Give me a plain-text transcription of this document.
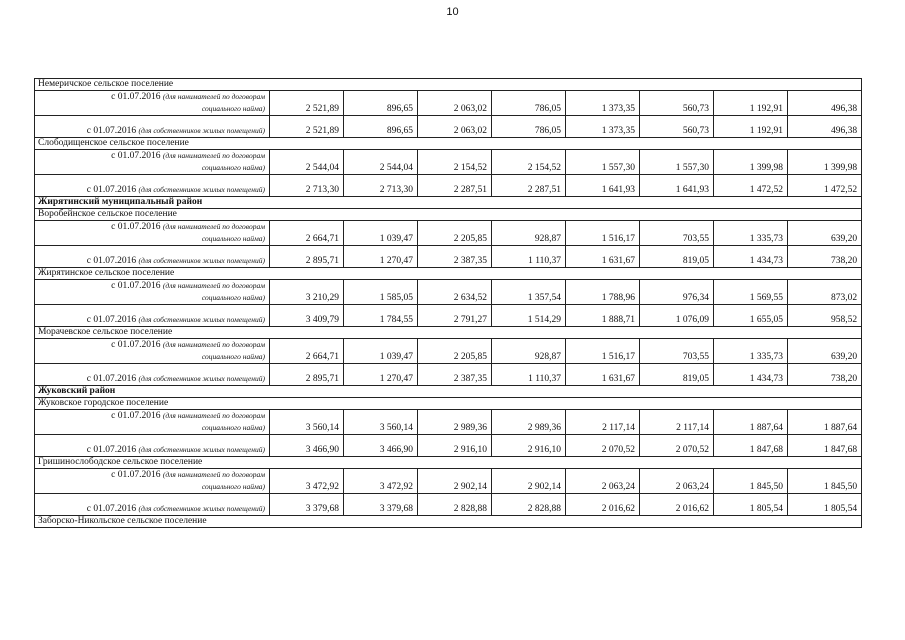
10
Немеричское сельское поселение								

с 01.07.2016 (для нанимателей по договорам
социального найма)	2 521,89	896,65	2 063,02	786,05	1 373,35	560,73	1 192,91	496,38
с 01.07.2016 (для собственников жилых помещений)	2 521,89	896,65	2 063,02	786,05	1 373,35	560,73	1 192,91	496,38
Слободищенское сельское поселение								

с 01.07.2016 (для нанимателей по договорам
социального найма)	2 544,04	2 544,04	2 154,52	2 154,52	1 557,30	1 557,30	1 399,98	1 399,98
с 01.07.2016 (для собственников жилых помещений)	2 713,30	2 713,30	2 287,51	2 287,51	1 641,93	1 641,93	1 472,52	1 472,52
Жирятинский муниципальный район								
Воробейнское сельское поселение								

с 01.07.2016 (для нанимателей по договорам
социального найма)	2 664,71	1 039,47	2 205,85	928,87	1 516,17	703,55	1 335,73	639,20
с 01.07.2016 (для собственников жилых помещений)	2 895,71	1 270,47	2 387,35	1 110,37	1 631,67	819,05	1 434,73	738,20
Жирятинское сельское поселение								

с 01.07.2016 (для нанимателей по договорам
социального найма)	3 210,29	1 585,05	2 634,52	1 357,54	1 788,96	976,34	1 569,55	873,02
с 01.07.2016 (для собственников жилых помещений)	3 409,79	1 784,55	2 791,27	1 514,29	1 888,71	1 076,09	1 655,05	958,52
Морачевское сельское поселение								

с 01.07.2016 (для нанимателей по договорам
социального найма)	2 664,71	1 039,47	2 205,85	928,87	1 516,17	703,55	1 335,73	639,20
с 01.07.2016 (для собственников жилых помещений)	2 895,71	1 270,47	2 387,35	1 110,37	1 631,67	819,05	1 434,73	738,20
Жуковский район								
Жуковское городское поселение								

с 01.07.2016 (для нанимателей по договорам
социального найма)	3 560,14	3 560,14	2 989,36	2 989,36	2 117,14	2 117,14	1 887,64	1 887,64
с 01.07.2016 (для собственников жилых помещений)	3 466,90	3 466,90	2 916,10	2 916,10	2 070,52	2 070,52	1 847,68	1 847,68
Гришинослободское сельское поселение								

с 01.07.2016 (для нанимателей по договорам
социального найма)	3 472,92	3 472,92	2 902,14	2 902,14	2 063,24	2 063,24	1 845,50	1 845,50
с 01.07.2016 (для собственников жилых помещений)	3 379,68	3 379,68	2 828,88	2 828,88	2 016,62	2 016,62	1 805,54	1 805,54
Заборско-Никольское сельское поселение								
